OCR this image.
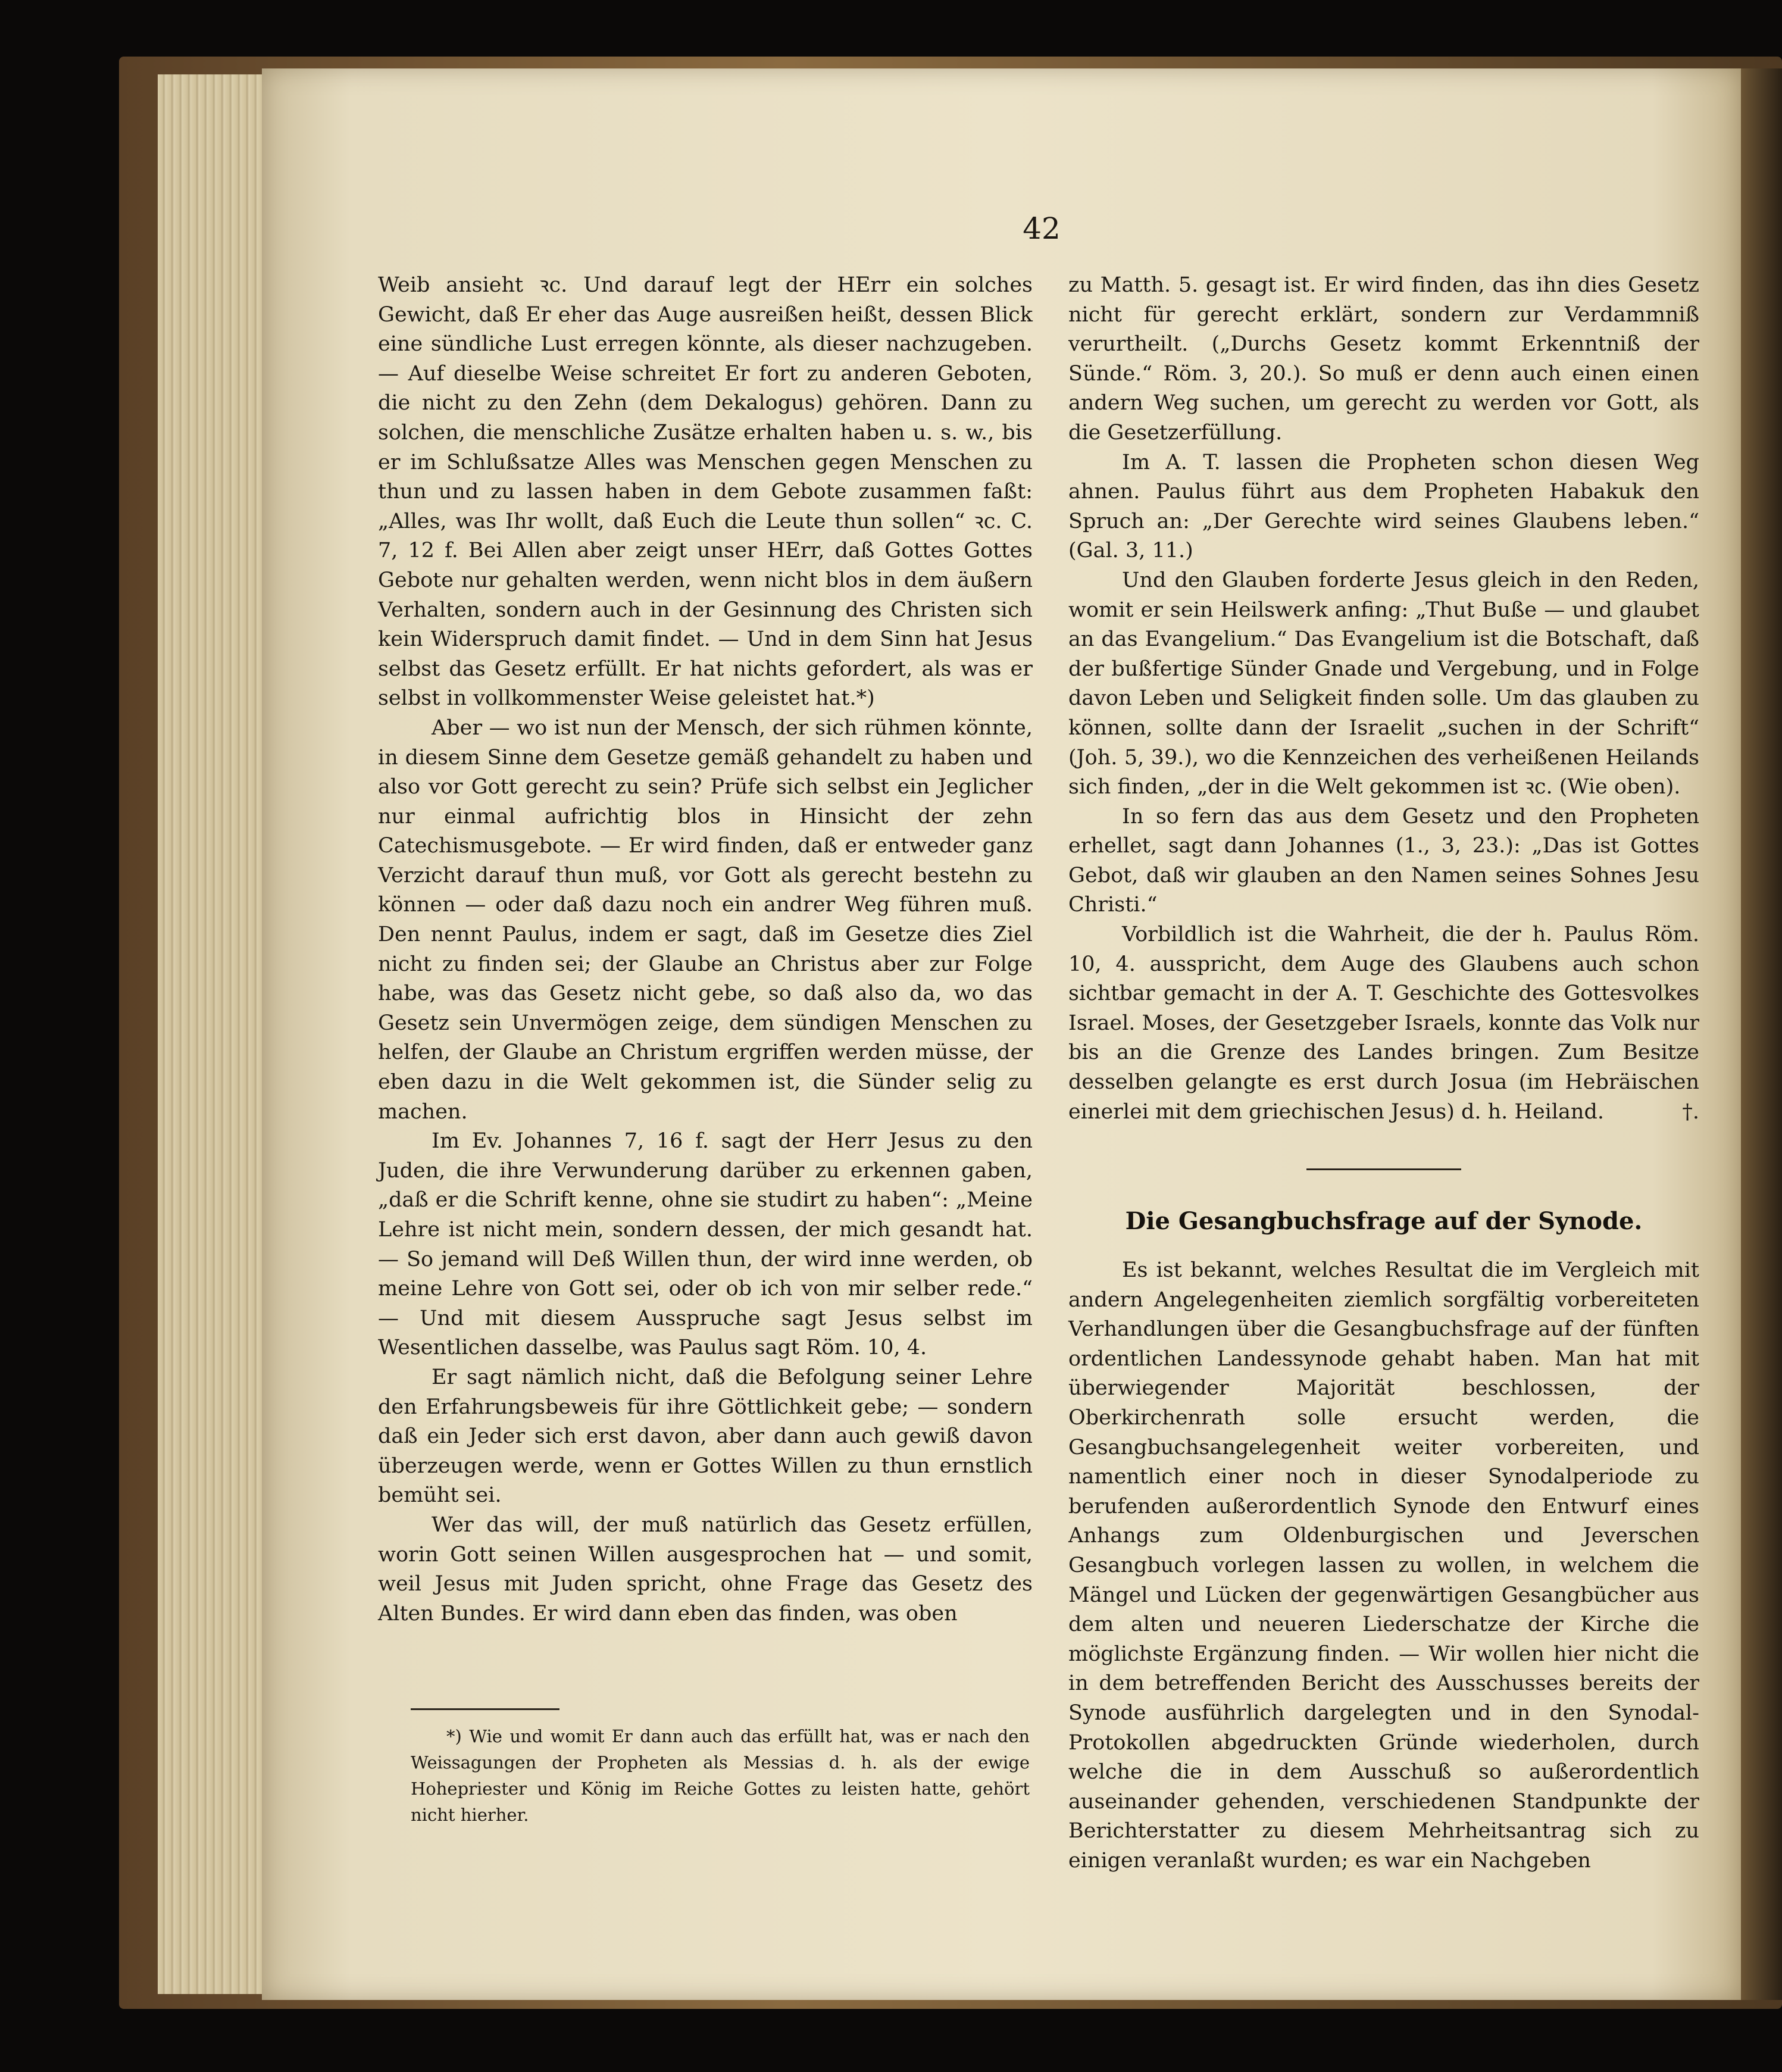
42

Weib ansieht ꝛc. Und darauf legt der HErr ein solches Gewicht, daß Er eher das Auge ausreißen heißt, dessen Blick eine sündliche Lust erregen könnte, als dieser nachzugeben. — Auf dieselbe Weise schreitet Er fort zu anderen Geboten, die nicht zu den Zehn (dem Dekalogus) gehören. Dann zu solchen, die menschliche Zusätze erhalten haben u. s. w., bis er im Schlußsatze Alles was Menschen gegen Menschen zu thun und zu lassen haben in dem Gebote zusammen faßt: „Alles, was Ihr wollt, daß Euch die Leute thun sollen“ ꝛc. C. 7, 12 f. Bei Allen aber zeigt unser HErr, daß Gottes Gottes Gebote nur gehalten werden, wenn nicht blos in dem äußern Verhalten, sondern auch in der Gesinnung des Christen sich kein Widerspruch damit findet. — Und in dem Sinn hat Jesus selbst das Gesetz erfüllt. Er hat nichts gefordert, als was er selbst in vollkommenster Weise geleistet hat.*)

Aber — wo ist nun der Mensch, der sich rühmen könnte, in diesem Sinne dem Gesetze gemäß gehandelt zu haben und also vor Gott gerecht zu sein? Prüfe sich selbst ein Jeglicher nur einmal aufrichtig blos in Hinsicht der zehn Catechismusgebote. — Er wird finden, daß er entweder ganz Verzicht darauf thun muß, vor Gott als gerecht bestehn zu können — oder daß dazu noch ein andrer Weg führen muß. Den nennt Paulus, indem er sagt, daß im Gesetze dies Ziel nicht zu finden sei; der Glaube an Christus aber zur Folge habe, was das Gesetz nicht gebe, so daß also da, wo das Gesetz sein Unvermögen zeige, dem sündigen Menschen zu helfen, der Glaube an Christum ergriffen werden müsse, der eben dazu in die Welt gekommen ist, die Sünder selig zu machen.

Im Ev. Johannes 7, 16 f. sagt der Herr Jesus zu den Juden, die ihre Verwunderung darüber zu erkennen gaben, „daß er die Schrift kenne, ohne sie studirt zu haben“: „Meine Lehre ist nicht mein, sondern dessen, der mich gesandt hat. — So jemand will Deß Willen thun, der wird inne werden, ob meine Lehre von Gott sei, oder ob ich von mir selber rede.“ — Und mit diesem Ausspruche sagt Jesus selbst im Wesentlichen dasselbe, was Paulus sagt Röm. 10, 4.

Er sagt nämlich nicht, daß die Befolgung seiner Lehre den Erfahrungsbeweis für ihre Göttlichkeit gebe; — sondern daß ein Jeder sich erst davon, aber dann auch gewiß davon überzeugen werde, wenn er Gottes Willen zu thun ernstlich bemüht sei.

Wer das will, der muß natürlich das Gesetz erfüllen, worin Gott seinen Willen ausgesprochen hat — und somit, weil Jesus mit Juden spricht, ohne Frage das Gesetz des Alten Bundes. Er wird dann eben das finden, was oben

*) Wie und womit Er dann auch das erfüllt hat, was er nach den Weissagungen der Propheten als Messias d. h. als der ewige Hohepriester und König im Reiche Gottes zu leisten hatte, gehört nicht hierher.

zu Matth. 5. gesagt ist. Er wird finden, das ihn dies Gesetz nicht für gerecht erklärt, sondern zur Verdammniß verurtheilt. („Durchs Gesetz kommt Erkenntniß der Sünde.“ Röm. 3, 20.). So muß er denn auch einen einen andern Weg suchen, um gerecht zu werden vor Gott, als die Gesetzerfüllung.

Im A. T. lassen die Propheten schon diesen Weg ahnen. Paulus führt aus dem Propheten Habakuk den Spruch an: „Der Gerechte wird seines Glaubens leben.“ (Gal. 3, 11.)

Und den Glauben forderte Jesus gleich in den Reden, womit er sein Heilswerk anfing: „Thut Buße — und glaubet an das Evangelium.“ Das Evangelium ist die Botschaft, daß der bußfertige Sünder Gnade und Vergebung, und in Folge davon Leben und Seligkeit finden solle. Um das glauben zu können, sollte dann der Israelit „suchen in der Schrift“ (Joh. 5, 39.), wo die Kennzeichen des verheißenen Heilands sich finden, „der in die Welt gekommen ist ꝛc. (Wie oben).

In so fern das aus dem Gesetz und den Propheten erhellet, sagt dann Johannes (1., 3, 23.): „Das ist Gottes Gebot, daß wir glauben an den Namen seines Sohnes Jesu Christi.“

Vorbildlich ist die Wahrheit, die der h. Paulus Röm. 10, 4. ausspricht, dem Auge des Glaubens auch schon sichtbar gemacht in der A. T. Geschichte des Gottesvolkes Israel. Moses, der Gesetzgeber Israels, konnte das Volk nur bis an die Grenze des Landes bringen. Zum Besitze desselben gelangte es erst durch Josua (im Hebräischen einerlei mit dem griechischen Jesus) d. h. Heiland.	†.

Die Gesangbuchsfrage auf der Synode.

Es ist bekannt, welches Resultat die im Vergleich mit andern Angelegenheiten ziemlich sorgfältig vorbereiteten Verhandlungen über die Gesangbuchsfrage auf der fünften ordentlichen Landessynode gehabt haben. Man hat mit überwiegender Majorität beschlossen, der Oberkirchenrath solle ersucht werden, die Gesangbuchsangelegenheit weiter vorbereiten, und namentlich einer noch in dieser Synodalperiode zu berufenden außerordentlich Synode den Entwurf eines Anhangs zum Oldenburgischen und Jeverschen Gesangbuch vorlegen lassen zu wollen, in welchem die Mängel und Lücken der gegenwärtigen Gesangbücher aus dem alten und neueren Liederschatze der Kirche die möglichste Ergänzung finden. — Wir wollen hier nicht die in dem betreffenden Bericht des Ausschusses bereits der Synode ausführlich dargelegten und in den Synodal-Protokollen abgedruckten Gründe wiederholen, durch welche die in dem Ausschuß so außerordentlich auseinander gehenden, verschiedenen Standpunkte der Berichterstatter zu diesem Mehrheitsantrag sich zu einigen veranlaßt wurden; es war ein Nachgeben
